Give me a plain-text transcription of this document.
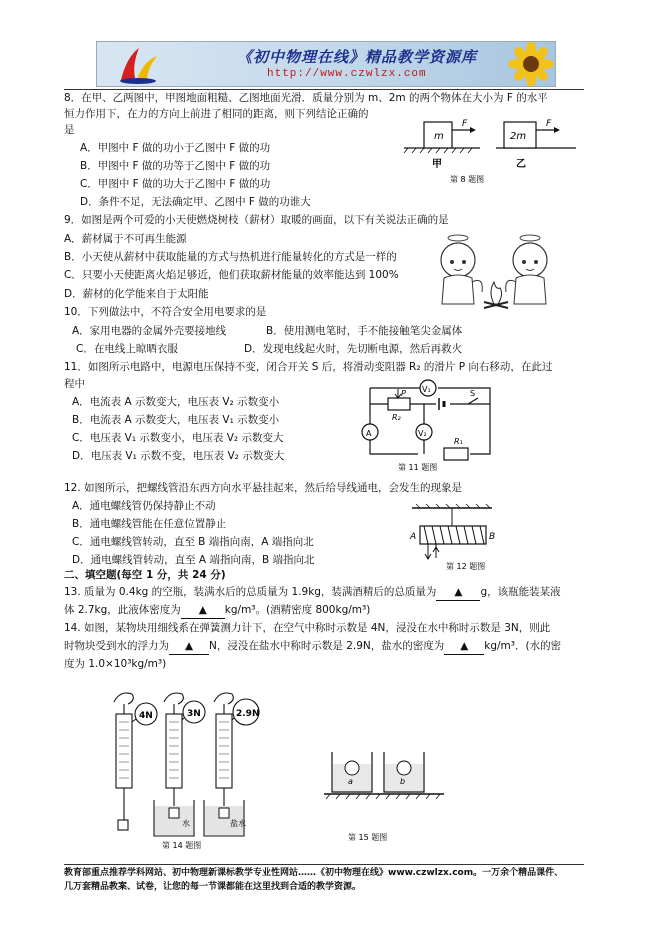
《初中物理在线》精品教学资源库
http://www.czwlzx.com
8．在甲、乙两图中，甲图地面粗糙、乙图地面光滑．质量分别为 m、2m 的两个物体在大小为 F 的水平
恒力作用下，在力的方向上前进了相同的距离，则下列结论正确的
是
A．甲图中 F 做的功小于乙图中 F 做的功
B．甲图中 F 做的功等于乙图中 F 做的功
C．甲图中 F 做的功大于乙图中 F 做的功
D．条件不足，无法确定甲、乙图中 F 做的功谁大
m
F
甲
2m
F
乙
第 8 题图
9．如图是两个可爱的小天使燃烧树枝（薪材）取暖的画面，以下有关说法正确的是
A．薪材属于不可再生能源
B．小天使从薪材中获取能量的方式与热机进行能量转化的方式是一样的
C．只要小天使距离火焰足够近，他们获取薪材能量的效率能达到 100%
D．薪材的化学能来自于太阳能
10．下列做法中，不符合安全用电要求的是
A．家用电器的金属外壳要接地线	B．使用测电笔时，手不能接触笔尖金属体
C．在电线上晾晒衣服	D．发现电线起火时，先切断电源，然后再救火
11．如图所示电路中，电源电压保持不变，闭合开关 S 后，将滑动变阻器 R₂ 的滑片 P 向右移动，在此过
程中
A．电流表 A 示数变大，电压表 V₂ 示数变小
B．电流表 A 示数变大，电压表 V₁ 示数变小
C．电压表 V₁ 示数变小，电压表 V₂ 示数变大
D．电压表 V₁ 示数不变，电压表 V₂ 示数变大
V₁
A	V₂
P
R₂
R₁
S
第 11 题图
12. 如图所示，把螺线管沿东西方向水平悬挂起来，然后给导线通电，会发生的现象是
A．通电螺线管仍保持静止不动
B．通电螺线管能在任意位置静止
C．通电螺线管转动，直至 B 端指向南，A 端指向北
D．通电螺线管转动，直至 A 端指向南，B 端指向北
A	B
第 12 题图
二、填空题(每空 1 分，共 24 分)
13. 质量为 0.4kg 的空瓶，装满水后的总质量为 1.9kg，装满酒精后的总质量为 ▲ g，该瓶能装某液
体 2.7kg，此液体密度为 ▲ kg/m³。(酒精密度 800kg/m³)
14. 如图，某物块用细线系在弹簧测力计下，在空气中称时示数是 4N，浸没在水中称时示数是 3N，则此
时物块受到水的浮力为 ▲ N，浸没在盐水中称时示数是 2.9N，盐水的密度为 ▲ kg/m³．(水的密
度为 1.0×10³kg/m³)
4N	3N	2.9N
水	盐水
第 14 题图
a	b
第 15 题图
教育部重点推荐学科网站、初中物理新课标教学专业性网站……《初中物理在线》www.czwlzx.com。一万余个精品课件、
几万套精品教案、试卷，让您的每一节课都能在这里找到合适的教学资源。
